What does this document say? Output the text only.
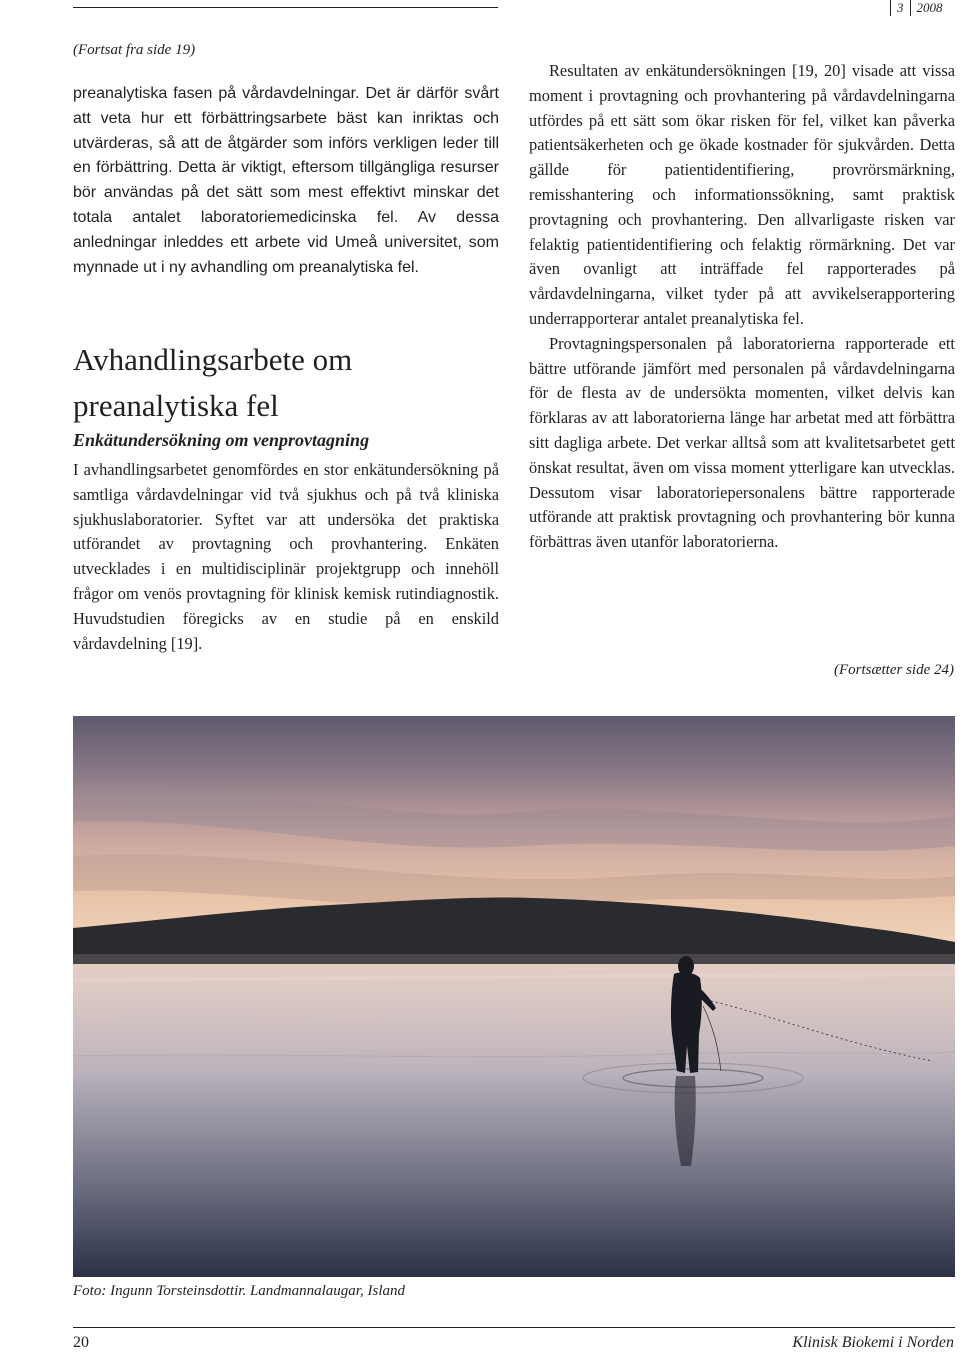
3 2008
(Fortsat fra side 19)

preanalytiska fasen på vårdavdelningar. Det är därför svårt att veta hur ett förbättringsarbete bäst kan inriktas och utvärderas, så att de åtgärder som införs verkligen leder till en förbättring. Detta är viktigt, eftersom tillgängliga resurser bör användas på det sätt som mest effektivt minskar det totala antalet laboratoriemedicinska fel. Av dessa anledningar inleddes ett arbete vid Umeå universitet, som mynnade ut i ny avhandling om preanalytiska fel.

Avhandlingsarbete om preanalytiska fel
Enkätundersökning om venprovtagning

I avhandlingsarbetet genomfördes en stor enkätundersökning på samtliga vårdavdelningar vid två sjukhus och på två kliniska sjukhuslaboratorier. Syftet var att undersöka det praktiska utförandet av provtagning och provhantering. Enkäten utvecklades i en multidisciplinär projektgrupp och innehöll frågor om venös provtagning för klinisk kemisk rutindiagnostik. Huvudstudien föregicks av en studie på en enskild vårdavdelning [19].

Resultaten av enkätundersökningen [19, 20] visade att vissa moment i provtagning och provhantering på vårdavdelningarna utfördes på ett sätt som ökar risken för fel, vilket kan påverka patientsäkerheten och ge ökade kostnader för sjukvården. Detta gällde för patientidentifiering, provrörsmärkning, remisshantering och informationssökning, samt praktisk provtagning och provhantering. Den allvarligaste risken var felaktig patientidentifiering och felaktig rörmärkning. Det var även ovanligt att inträffade fel rapporterades på vårdavdelningarna, vilket tyder på att avvikelserapportering underrapporterar antalet preanalytiska fel.

Provtagningspersonalen på laboratorierna rapporterade ett bättre utförande jämfört med personalen på vårdavdelningarna för de flesta av de undersökta momenten, vilket delvis kan förklaras av att laboratorierna länge har arbetat med att förbättra sitt dagliga arbete. Det verkar alltså som att kvalitetsarbetet gett önskat resultat, även om vissa moment ytterligare kan utvecklas. Dessutom visar laboratoriepersonalens bättre rapporterade utförande att praktisk provtagning och provhantering bör kunna förbättras även utanför laboratorierna.

(Fortsætter side 24)
Foto: Ingunn Torsteinsdottir. Landmannalaugar, Island
20	Klinisk Biokemi i Norden
